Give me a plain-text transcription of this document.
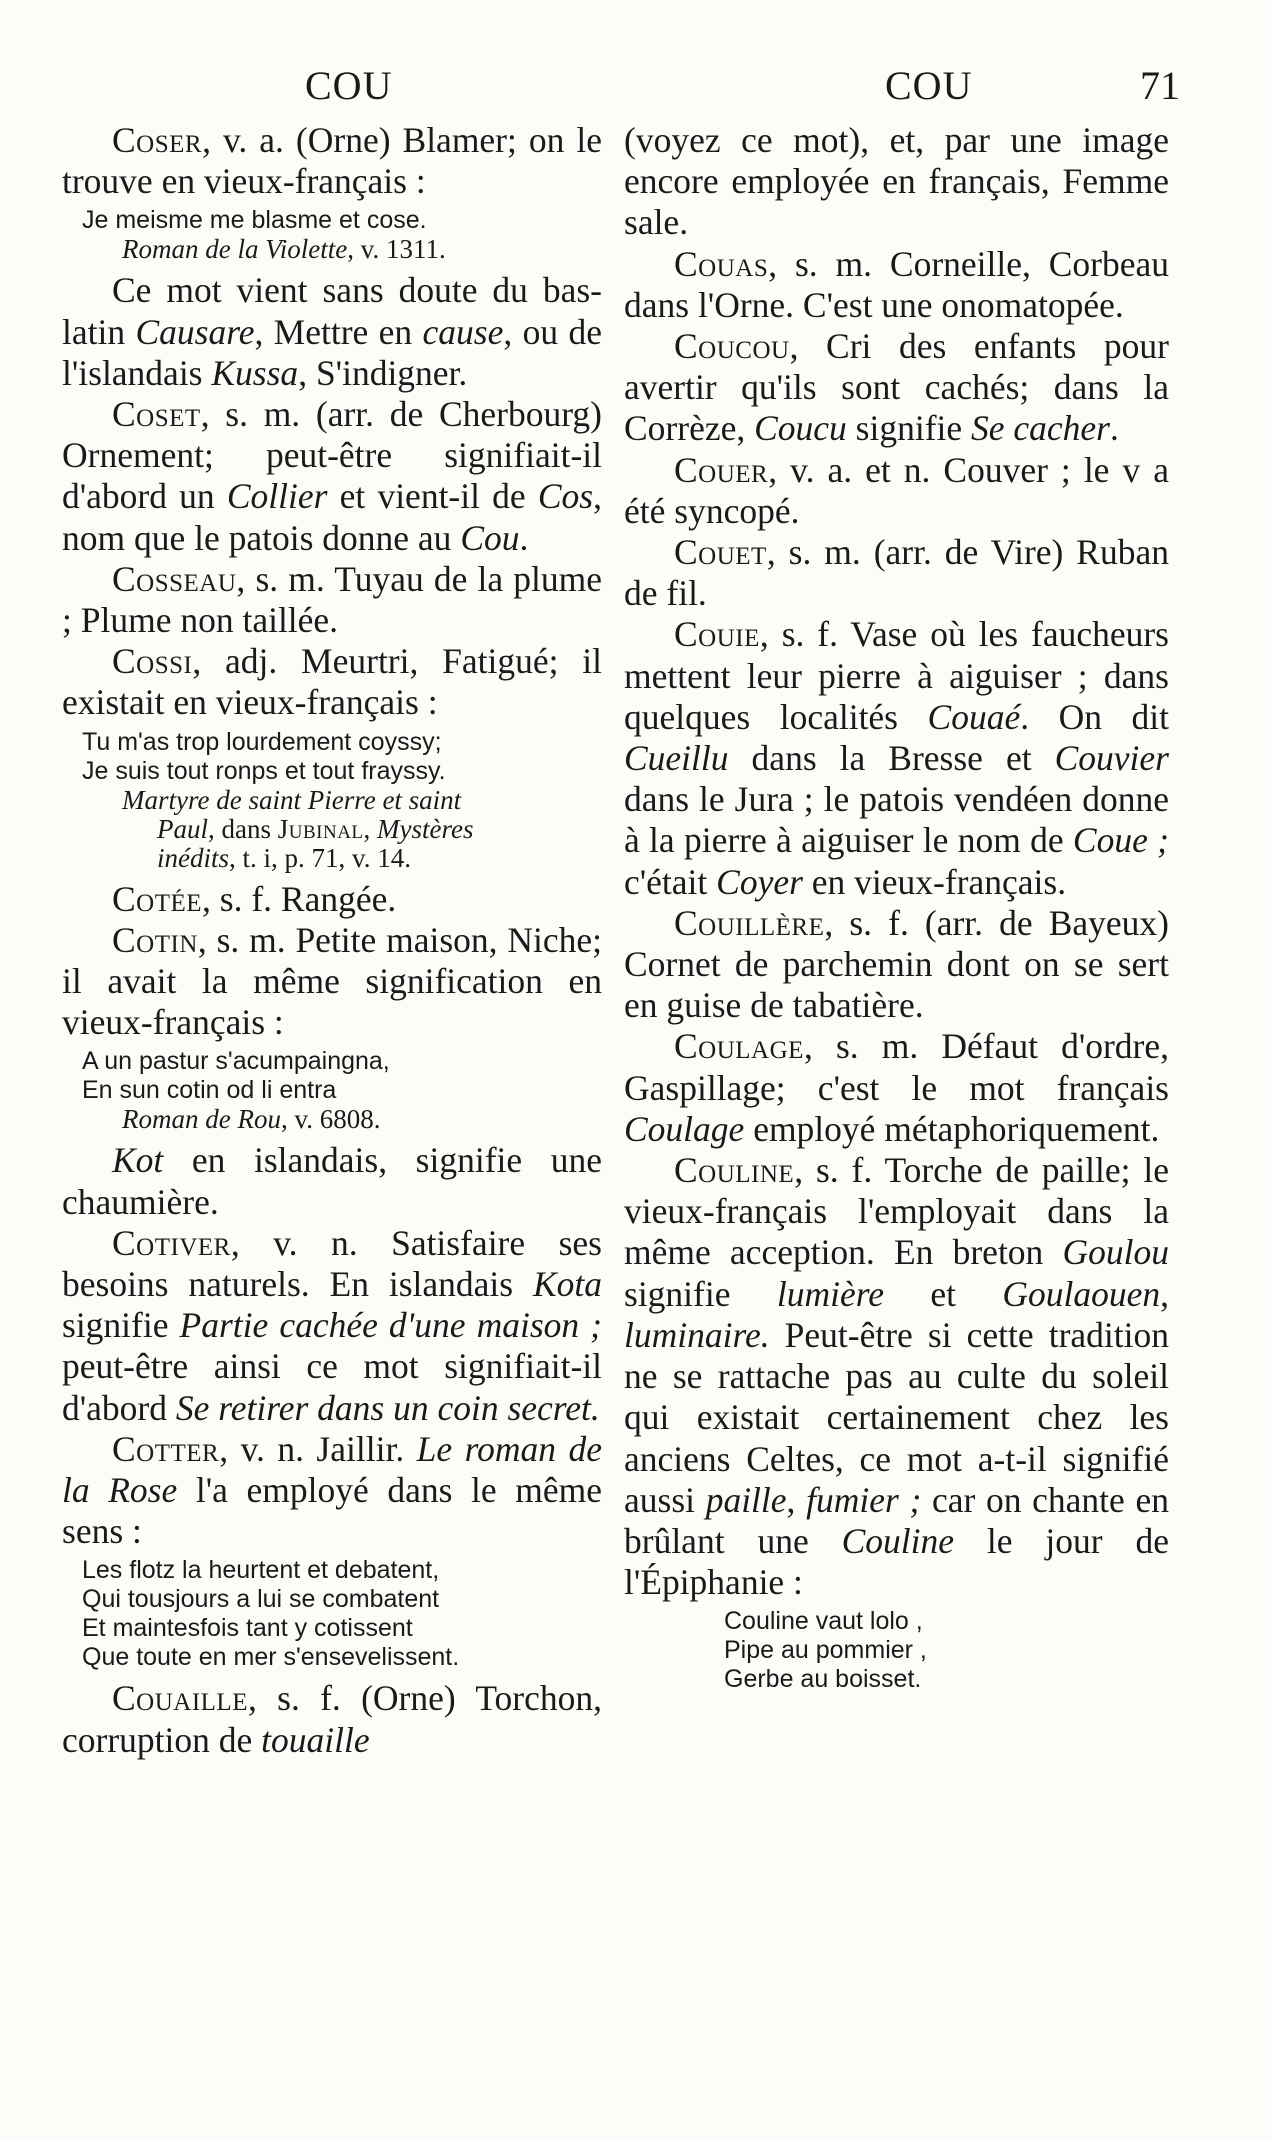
COU	COU	71

Coser, v. a. (Orne) Blamer; on le trouve en vieux-français :

Je meisme me blasme et cose.

Roman de la Violette, v. 1311.

Ce mot vient sans doute du bas-latin Causare, Mettre en cause, ou de l'islandais Kussa, S'indigner.

Coset, s. m. (arr. de Cherbourg) Ornement; peut-être signifiait-il d'abord un Collier et vient-il de Cos, nom que le patois donne au Cou.

Cosseau, s. m. Tuyau de la plume ; Plume non taillée.

Cossi, adj. Meurtri, Fatigué; il existait en vieux-français :

Tu m'as trop lourdement coyssy;
Je suis tout ronps et tout frayssy.

Martyre de saint Pierre et saint
Paul, dans Jubinal, Mystères
inédits, t. i, p. 71, v. 14.

Cotée, s. f. Rangée.

Cotin, s. m. Petite maison, Niche; il avait la même signification en vieux-français :

A un pastur s'acumpaingna,
En sun cotin od li entra

Roman de Rou, v. 6808.

Kot en islandais, signifie une chaumière.

Cotiver, v. n. Satisfaire ses besoins naturels. En islandais Kota signifie Partie cachée d'une maison ; peut-être ainsi ce mot signifiait-il d'abord Se retirer dans un coin secret.

Cotter, v. n. Jaillir. Le roman de la Rose l'a employé dans le même sens :

Les flotz la heurtent et debatent,
Qui tousjours a lui se combatent
Et maintesfois tant y cotissent
Que toute en mer s'ensevelissent.

Couaille, s. f. (Orne) Torchon, corruption de touaille

(voyez ce mot), et, par une image encore employée en français, Femme sale.

Couas, s. m. Corneille, Corbeau dans l'Orne. C'est une onomatopée.

Coucou, Cri des enfants pour avertir qu'ils sont cachés; dans la Corrèze, Coucu signifie Se cacher.

Couer, v. a. et n. Couver ; le v a été syncopé.

Couet, s. m. (arr. de Vire) Ruban de fil.

Couie, s. f. Vase où les faucheurs mettent leur pierre à aiguiser ; dans quelques localités Couaé. On dit Cueillu dans la Bresse et Couvier dans le Jura ; le patois vendéen donne à la pierre à aiguiser le nom de Coue ; c'était Coyer en vieux-français.

Couillère, s. f. (arr. de Bayeux) Cornet de parchemin dont on se sert en guise de tabatière.

Coulage, s. m. Défaut d'ordre, Gaspillage; c'est le mot français Coulage employé métaphoriquement.

Couline, s. f. Torche de paille; le vieux-français l'employait dans la même acception. En breton Goulou signifie lumière et Goulaouen, luminaire. Peut-être si cette tradition ne se rattache pas au culte du soleil qui existait certainement chez les anciens Celtes, ce mot a-t-il signifié aussi paille, fumier ; car on chante en brûlant une Couline le jour de l'Épiphanie :

Couline vaut lolo ,
Pipe au pommier ,
Gerbe au boisset.
